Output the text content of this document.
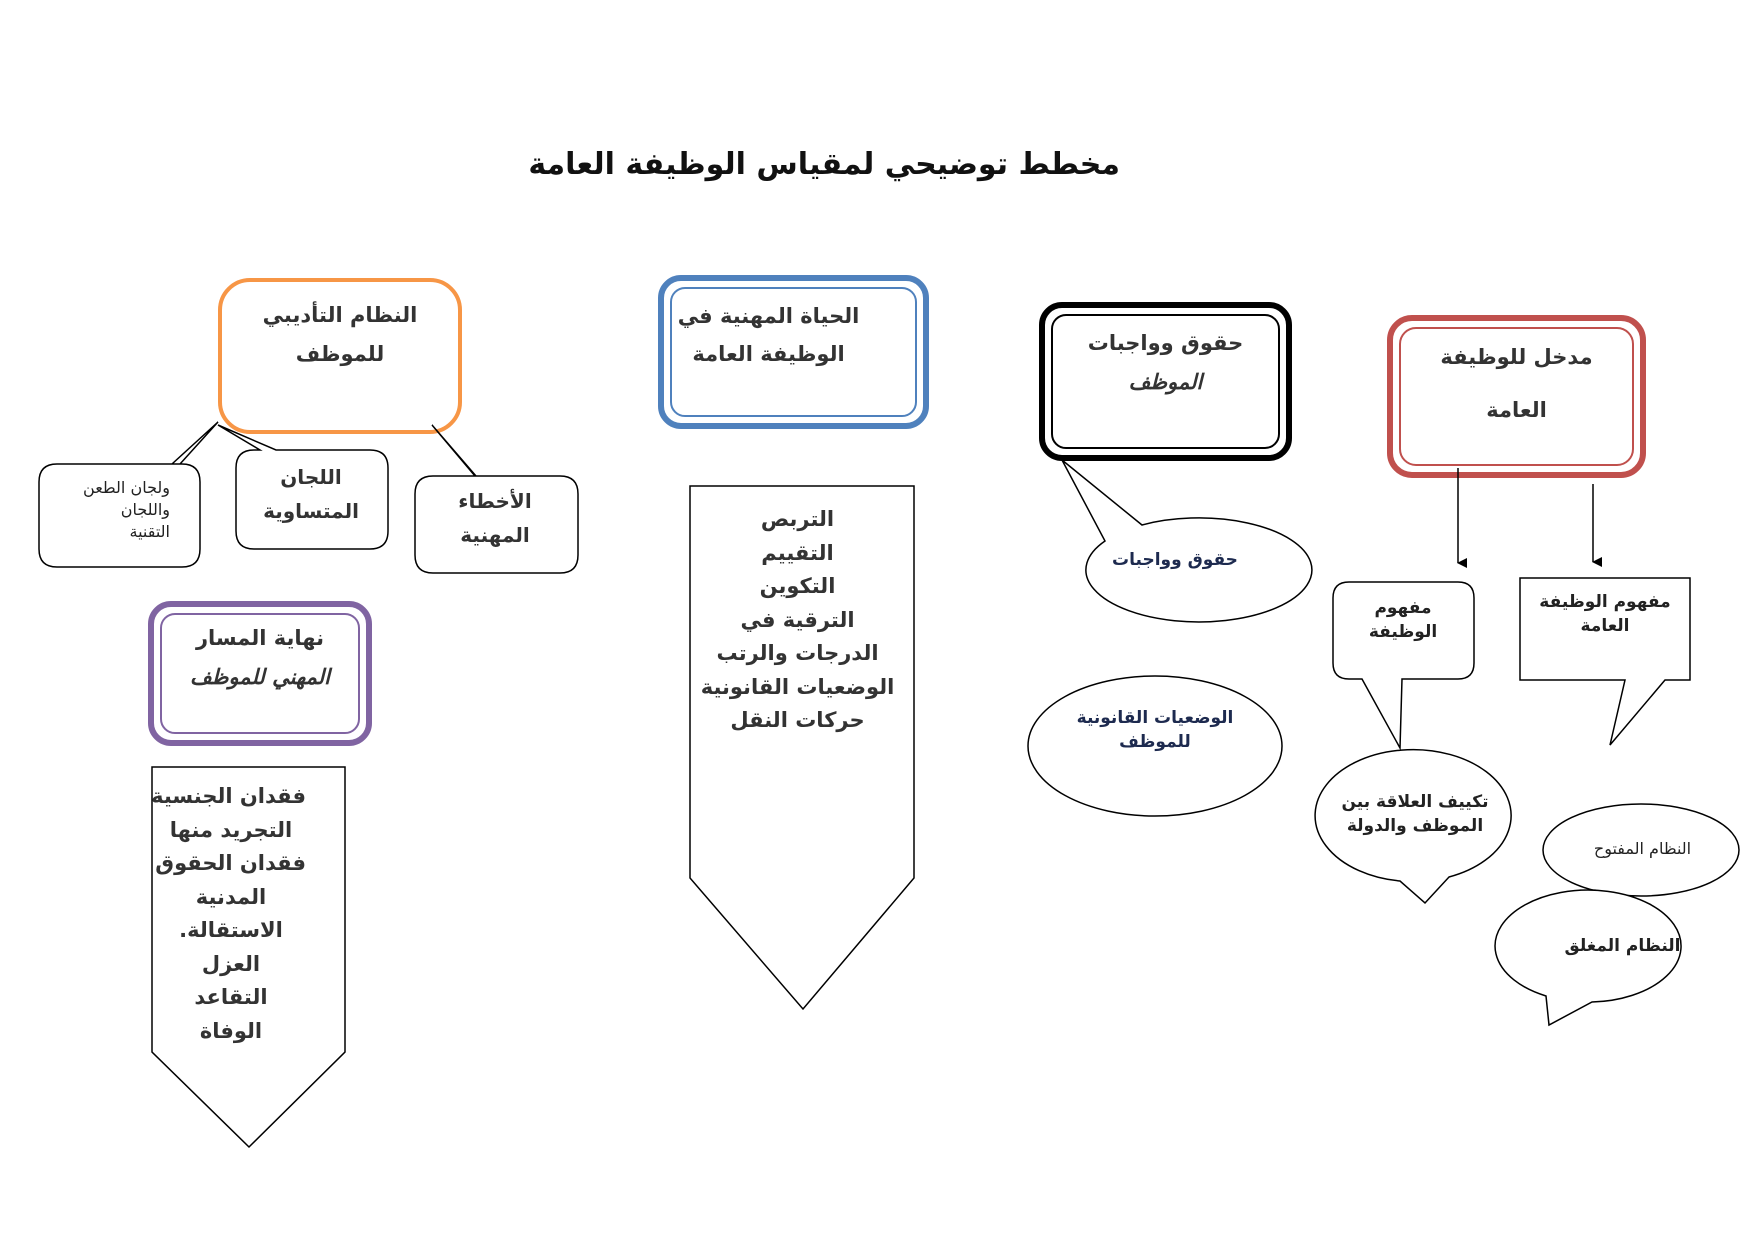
مخطط توضيحي لمقياس الوظيفة العامة
مدخل للوظيفة
العامة
مفهوم الوظيفة
العامة
مفهوم
الوظيفة
تكييف العلاقة بين
الموظف والدولة
النظام المفتوح
النظام المغلق
حقوق وواجبات
الموظف
حقوق وواجبات
الوضعيات القانونية
للموظف
الحياة المهنية في
الوظيفة العامة
التربص
التقييم
التكوين
الترقية في
الدرجات والرتب
الوضعيات القانونية
حركات النقل
النظام التأديبي
للموظف
الأخطاء
المهنية
اللجان
المتساوية
ولجان الطعن
واللجان
التقنية
نهاية المسار
المهني للموظف
فقدان الجنسية
التجريد منها
فقدان الحقوق
المدنية
الاستقالة.
العزل
التقاعد
الوفاة
